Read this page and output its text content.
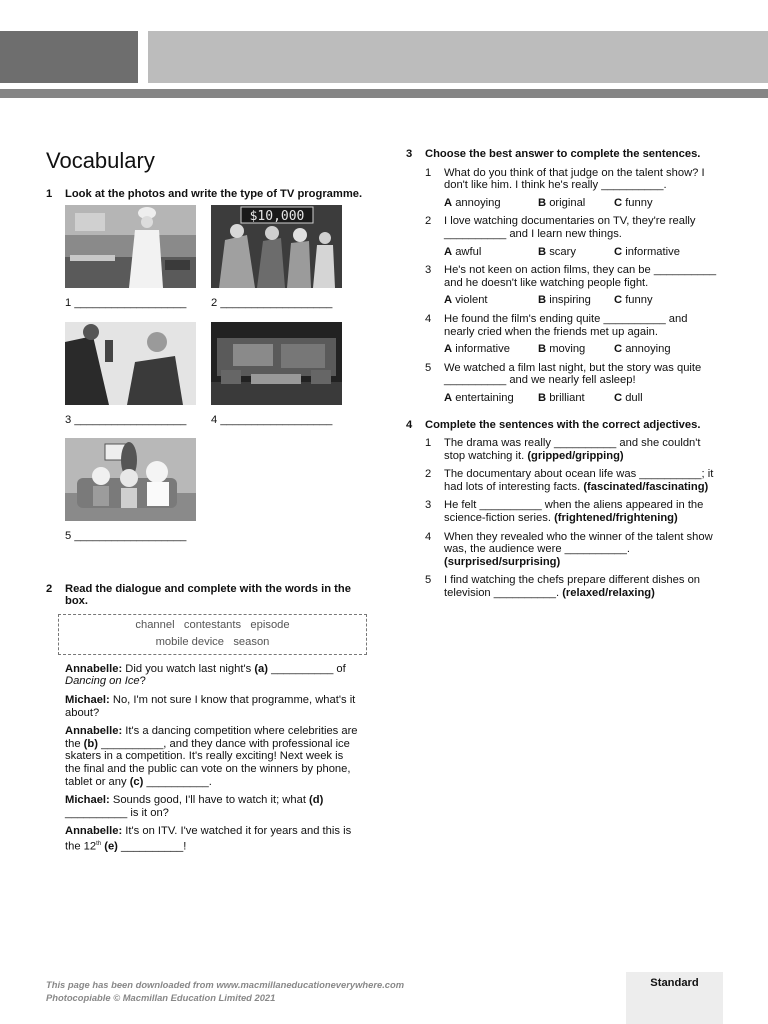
Vocabulary
1 Look at the photos and write the type of TV programme.
$10,000
1 __________________ 2 __________________
3 __________________ 4 __________________
5 __________________
2 Read the dialogue and complete with the words in the box.
channel   contestants   episode
mobile device   season

Annabelle: Did you watch last night's (a) __________ of Dancing on Ice?

Michael: No, I'm not sure I know that programme, what's it about?

Annabelle: It's a dancing competition where celebrities are the (b) __________, and they dance with professional ice skaters in a competition. It's really exciting! Next week is the final and the public can vote on the winners by phone, tablet or any (c) __________.

Michael: Sounds good, I'll have to watch it; what (d) __________ is it on?

Annabelle: It's on ITV. I've watched it for years and this is the 12th (e) __________!

3 Choose the best answer to complete the sentences.
1 What do you think of that judge on the talent show? I don't like him. I think he's really __________.
A annoying	B original	C funny
2 I love watching documentaries on TV, they're really __________ and I learn new things.
A awful	B scary	C informative
3 He's not keen on action films, they can be __________ and he doesn't like watching people fight.
A violent	B inspiring	C funny
4 He found the film's ending quite __________ and nearly cried when the friends met up again.
A informative	B moving	C annoying
5 We watched a film last night, but the story was quite __________ and we nearly fell asleep!
A entertaining	B brilliant	C dull
4 Complete the sentences with the correct adjectives.
1 The drama was really __________ and she couldn't stop watching it. (gripped/gripping)
2 The documentary about ocean life was __________; it had lots of interesting facts. (fascinated/fascinating)
3 He felt __________ when the aliens appeared in the science-fiction series. (frightened/frightening)
4 When they revealed who the winner of the talent show was, the audience were __________. (surprised/surprising)
5 I find watching the chefs prepare different dishes on television __________. (relaxed/relaxing)
This page has been downloaded from www.macmillaneducationeverywhere.com
Photocopiable © Macmillan Education Limited 2021
Standard
